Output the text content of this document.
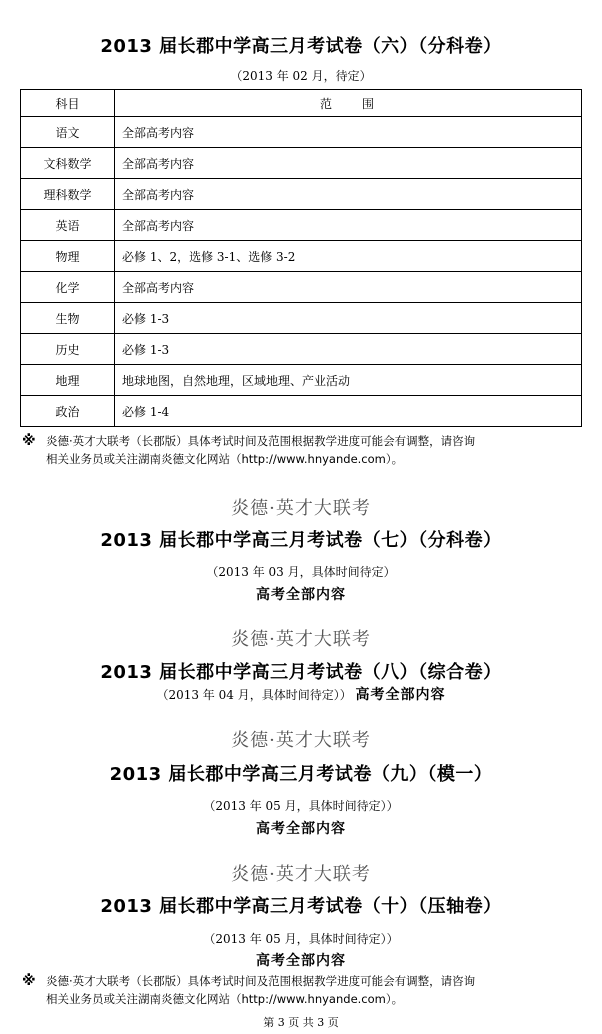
2013 届长郡中学高三月考试卷（六）（分科卷）
（2013 年 02 月，待定）
科目	范　　围
语文	全部高考内容
文科数学	全部高考内容
理科数学	全部高考内容
英语	全部高考内容
物理	必修 1、2，选修 3-1、选修 3-2
化学	全部高考内容
生物	必修 1-3
历史	必修 1-3
地理	地球地图，自然地理，区域地理、产业活动
政治	必修 1-4
※ 炎德·英才大联考（长郡版）具体考试时间及范围根据教学进度可能会有调整，请咨询
相关业务员或关注湖南炎德文化网站（http://www.hnyande.com）。
炎德·英才大联考
2013 届长郡中学高三月考试卷（七）（分科卷）
（2013 年 03 月，具体时间待定）
高考全部内容
炎德·英才大联考
2013 届长郡中学高三月考试卷（八）（综合卷）
（2013 年 04 月，具体时间待定）） 高考全部内容
炎德·英才大联考
2013 届长郡中学高三月考试卷（九）（模一）
（2013 年 05 月，具体时间待定））
高考全部内容
炎德·英才大联考
2013 届长郡中学高三月考试卷（十）（压轴卷）
（2013 年 05 月，具体时间待定））
高考全部内容
※ 炎德·英才大联考（长郡版）具体考试时间及范围根据教学进度可能会有调整，请咨询
相关业务员或关注湖南炎德文化网站（http://www.hnyande.com）。
第 3 页 共 3 页
